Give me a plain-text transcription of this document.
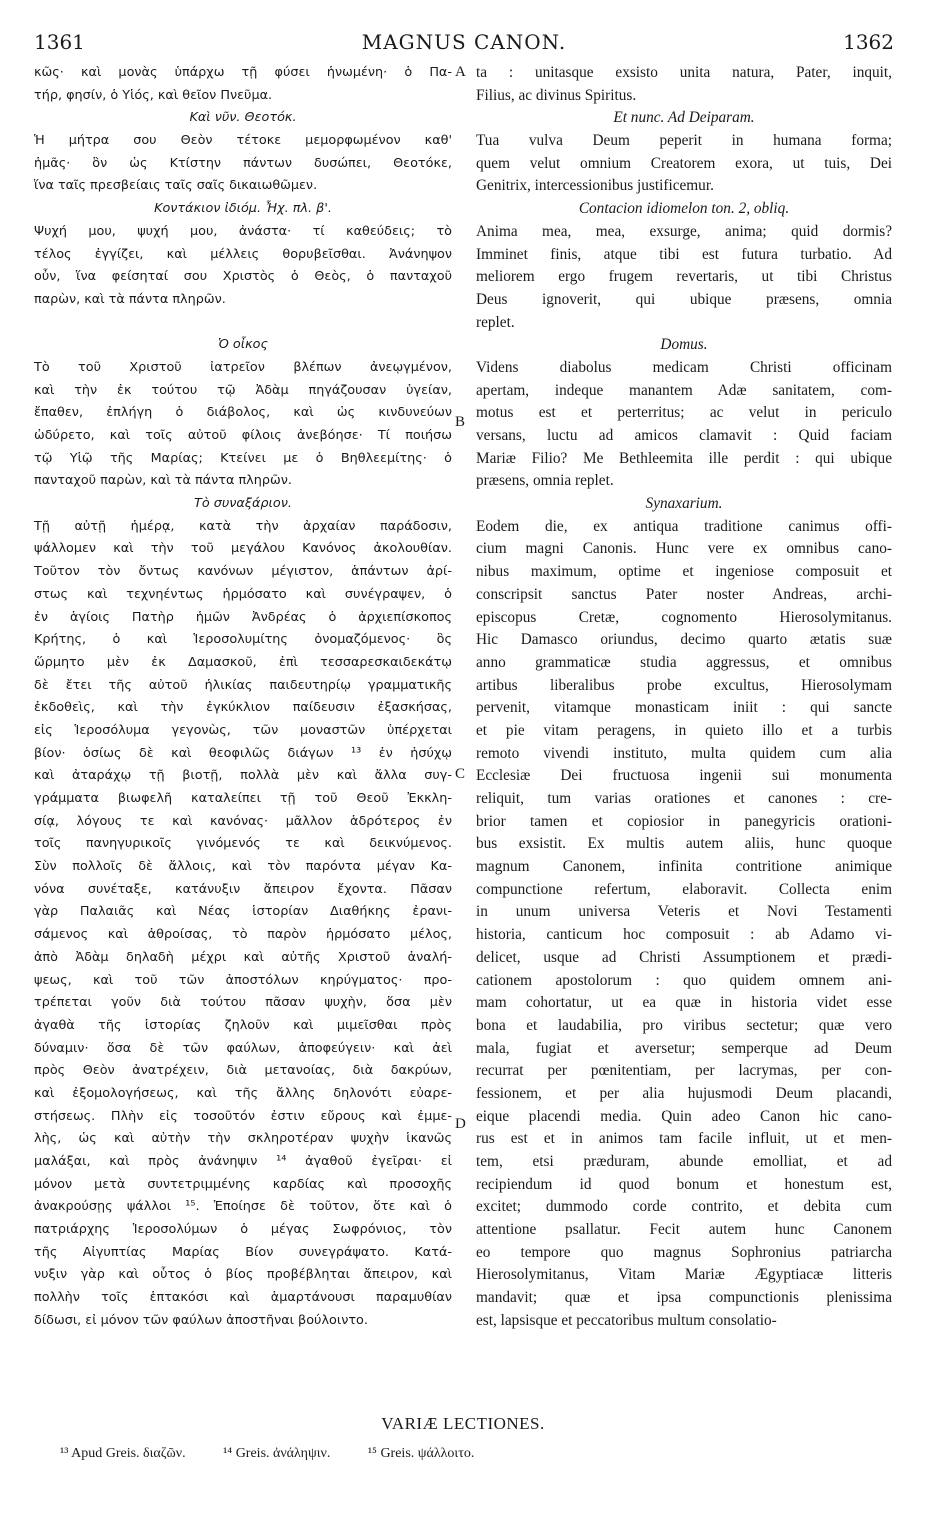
MAGNUS CANON.
1361	1362
κῶς· καὶ μονὰς ὑπάρχω τῇ φύσει ἡνωμένη· ὁ Πα-
τήρ, φησίν, ὁ Υἱός, καὶ θεῖον Πνεῦμα.
Καὶ νῦν. Θεοτόκ.
Ἡ μήτρα σου Θεὸν τέτοκε μεμορφωμένον καθ'
ἡμᾶς· ὃν ὡς Κτίστην πάντων δυσώπει, Θεοτόκε,
ἵνα ταῖς πρεσβείαις ταῖς σαῖς δικαιωθῶμεν.
Κοντάκιον ἰδιόμ. Ἦχ. πλ. β'.
Ψυχή μου, ψυχή μου, ἀνάστα· τί καθεύδεις; τὸ
τέλος ἐγγίζει, καὶ μέλλεις θορυβεῖσθαι. Ἀνάνηψον
οὖν, ἵνα φείσηταί σου Χριστὸς ὁ Θεὸς, ὁ πανταχοῦ
παρὼν, καὶ τὰ πάντα πληρῶν.
Ὁ οἶκος
Τὸ τοῦ Χριστοῦ ἰατρεῖον βλέπων ἀνεῳγμένον,
καὶ τὴν ἐκ τούτου τῷ Ἀδὰμ πηγάζουσαν ὑγείαν,
ἔπαθεν, ἐπλήγη ὁ διάβολος, καὶ ὡς κινδυνεύων
ὠδύρετο, καὶ τοῖς αὐτοῦ φίλοις ἀνεβόησε· Τί ποιήσω
τῷ Υἱῷ τῆς Μαρίας; Κτείνει με ὁ Βηθλεεμίτης· ὁ
πανταχοῦ παρὼν, καὶ τὰ πάντα πληρῶν.
Τὸ συναξάριον.
Τῇ αὐτῇ ἡμέρᾳ, κατὰ τὴν ἀρχαίαν παράδοσιν,
ψάλλομεν καὶ τὴν τοῦ μεγάλου Κανόνος ἀκολουθίαν.
Τοῦτον τὸν ὄντως κανόνων μέγιστον, ἁπάντων ἀρί-
στως καὶ τεχνηέντως ἡρμόσατο καὶ συνέγραψεν, ὁ
ἐν ἁγίοις Πατὴρ ἡμῶν Ἀνδρέας ὁ ἀρχιεπίσκοπος
Κρήτης, ὁ καὶ Ἱεροσολυμίτης ὀνομαζόμενος· ὃς
ὥρμητο μὲν ἐκ Δαμασκοῦ, ἐπὶ τεσσαρεσκαιδεκάτῳ
δὲ ἔτει τῆς αὐτοῦ ἡλικίας παιδευτηρίῳ γραμματικῆς
ἐκδοθεὶς, καὶ τὴν ἐγκύκλιον παίδευσιν ἐξασκήσας,
εἰς Ἱεροσόλυμα γεγονὼς, τῶν μοναστῶν ὑπέρχεται
βίον· ὁσίως δὲ καὶ θεοφιλῶς διάγων ¹³ ἐν ἡσύχῳ
καὶ ἀταράχῳ τῇ βιοτῇ, πολλὰ μὲν καὶ ἄλλα συγ-
γράμματα βιωφελῆ καταλείπει τῇ τοῦ Θεοῦ Ἐκκλη-
σίᾳ, λόγους τε καὶ κανόνας· μᾶλλον ἁδρότερος ἐν
τοῖς πανηγυρικοῖς γινόμενός τε καὶ δεικνύμενος.
Σὺν πολλοῖς δὲ ἄλλοις, καὶ τὸν παρόντα μέγαν Κα-
νόνα συνέταξε, κατάνυξιν ἄπειρον ἔχοντα. Πᾶσαν
γὰρ Παλαιᾶς καὶ Νέας ἱστορίαν Διαθήκης ἐρανι-
σάμενος καὶ ἀθροίσας, τὸ παρὸν ἡρμόσατο μέλος,
ἀπὸ Ἀδὰμ δηλαδὴ μέχρι καὶ αὐτῆς Χριστοῦ ἀναλή-
ψεως, καὶ τοῦ τῶν ἀποστόλων κηρύγματος· προ-
τρέπεται γοῦν διὰ τούτου πᾶσαν ψυχὴν, ὅσα μὲν
ἀγαθὰ τῆς ἱστορίας ζηλοῦν καὶ μιμεῖσθαι πρὸς
δύναμιν· ὅσα δὲ τῶν φαύλων, ἀποφεύγειν· καὶ ἀεὶ
πρὸς Θεὸν ἀνατρέχειν, διὰ μετανοίας, διὰ δακρύων,
καὶ ἐξομολογήσεως, καὶ τῆς ἄλλης δηλονότι εὐαρε-
στήσεως. Πλὴν εἰς τοσοῦτόν ἐστιν εὔρους καὶ ἐμμε-
λὴς, ὡς καὶ αὐτὴν τὴν σκληροτέραν ψυχὴν ἱκανῶς
μαλάξαι, καὶ πρὸς ἀνάνηψιν ¹⁴ ἀγαθοῦ ἐγεῖραι· εἰ
μόνον μετὰ συντετριμμένης καρδίας καὶ προσοχῆς
ἀνακρούσῃς ψάλλοι ¹⁵. Ἐποίησε δὲ τοῦτον, ὅτε καὶ ὁ
πατριάρχης Ἱεροσολύμων ὁ μέγας Σωφρόνιος, τὸν
τῆς Αἰγυπτίας Μαρίας Βίον συνεγράψατο. Κατά-
νυξιν γὰρ καὶ οὗτος ὁ βίος προβέβληται ἄπειρον, καὶ
πολλὴν τοῖς ἑπτακόσι καὶ ἁμαρτάνουσι παραμυθίαν
δίδωσι, εἰ μόνον τῶν φαύλων ἀποστῆναι βούλοιντο.
ta : unitasque exsisto unita natura, Pater, inquit,
Filius, ac divinus Spiritus.
Et nunc. Ad Deiparam.
Tua vulva Deum peperit in humana forma;
quem velut omnium Creatorem exora, ut tuis, Dei
Genitrix, intercessionibus justificemur.
Contacion idiomelon ton. 2, obliq.
Anima mea, mea, exsurge, anima; quid dormis?
Imminet finis, atque tibi est futura turbatio. Ad
meliorem ergo frugem revertaris, ut tibi Christus
Deus ignoverit, qui ubique præsens, omnia
replet.
Domus.
Videns diabolus medicam Christi officinam
apertam, indeque manantem Adæ sanitatem, com-
motus est et perterritus; ac velut in periculo
versans, luctu ad amicos clamavit : Quid faciam
Mariæ Filio? Me Bethleemita ille perdit : qui ubique
præsens, omnia replet.
Synaxarium.
Eodem die, ex antiqua traditione canimus offi-
cium magni Canonis. Hunc vere ex omnibus cano-
nibus maximum, optime et ingeniose composuit et
conscripsit sanctus Pater noster Andreas, archi-
episcopus Cretæ, cognomento Hierosolymitanus.
Hic Damasco oriundus, decimo quarto ætatis suæ
anno grammaticæ studia aggressus, et omnibus
artibus liberalibus probe excultus, Hierosolymam
pervenit, vitamque monasticam iniit : qui sancte
et pie vitam peragens, in quieto illo et a turbis
remoto vivendi instituto, multa quidem cum alia
Ecclesiæ Dei fructuosa ingenii sui monumenta
reliquit, tum varias orationes et canones : cre-
brior tamen et copiosior in panegyricis orationi-
bus exsistit. Ex multis autem aliis, hunc quoque
magnum Canonem, infinita contritione animique
compunctione refertum, elaboravit. Collecta enim
in unum universa Veteris et Novi Testamenti
historia, canticum hoc composuit : ab Adamo vi-
delicet, usque ad Christi Assumptionem et prædi-
cationem apostolorum : quo quidem omnem ani-
mam cohortatur, ut ea quæ in historia videt esse
bona et laudabilia, pro viribus sectetur; quæ vero
mala, fugiat et aversetur; semperque ad Deum
recurrat per pœnitentiam, per lacrymas, per con-
fessionem, et per alia hujusmodi Deum placandi,
eique placendi media. Quin adeo Canon hic cano-
rus est et in animos tam facile influit, ut et men-
tem, etsi præduram, abunde emolliat, et ad
recipiendum id quod bonum et honestum est,
excitet; dummodo corde contrito, et debita cum
attentione psallatur. Fecit autem hunc Canonem
eo tempore quo magnus Sophronius patriarcha
Hierosolymitanus, Vitam Mariæ Ægyptiacæ litteris
mandavit; quæ et ipsa compunctionis plenissima
est, lapsisque et peccatoribus multum consolatio-
A
B
C
D
VARIÆ LECTIONES.
¹³ Apud Greis. διαζῶν.	¹⁴ Greis. ἀνάληψιν.	¹⁵ Greis. ψάλλοιτο.
